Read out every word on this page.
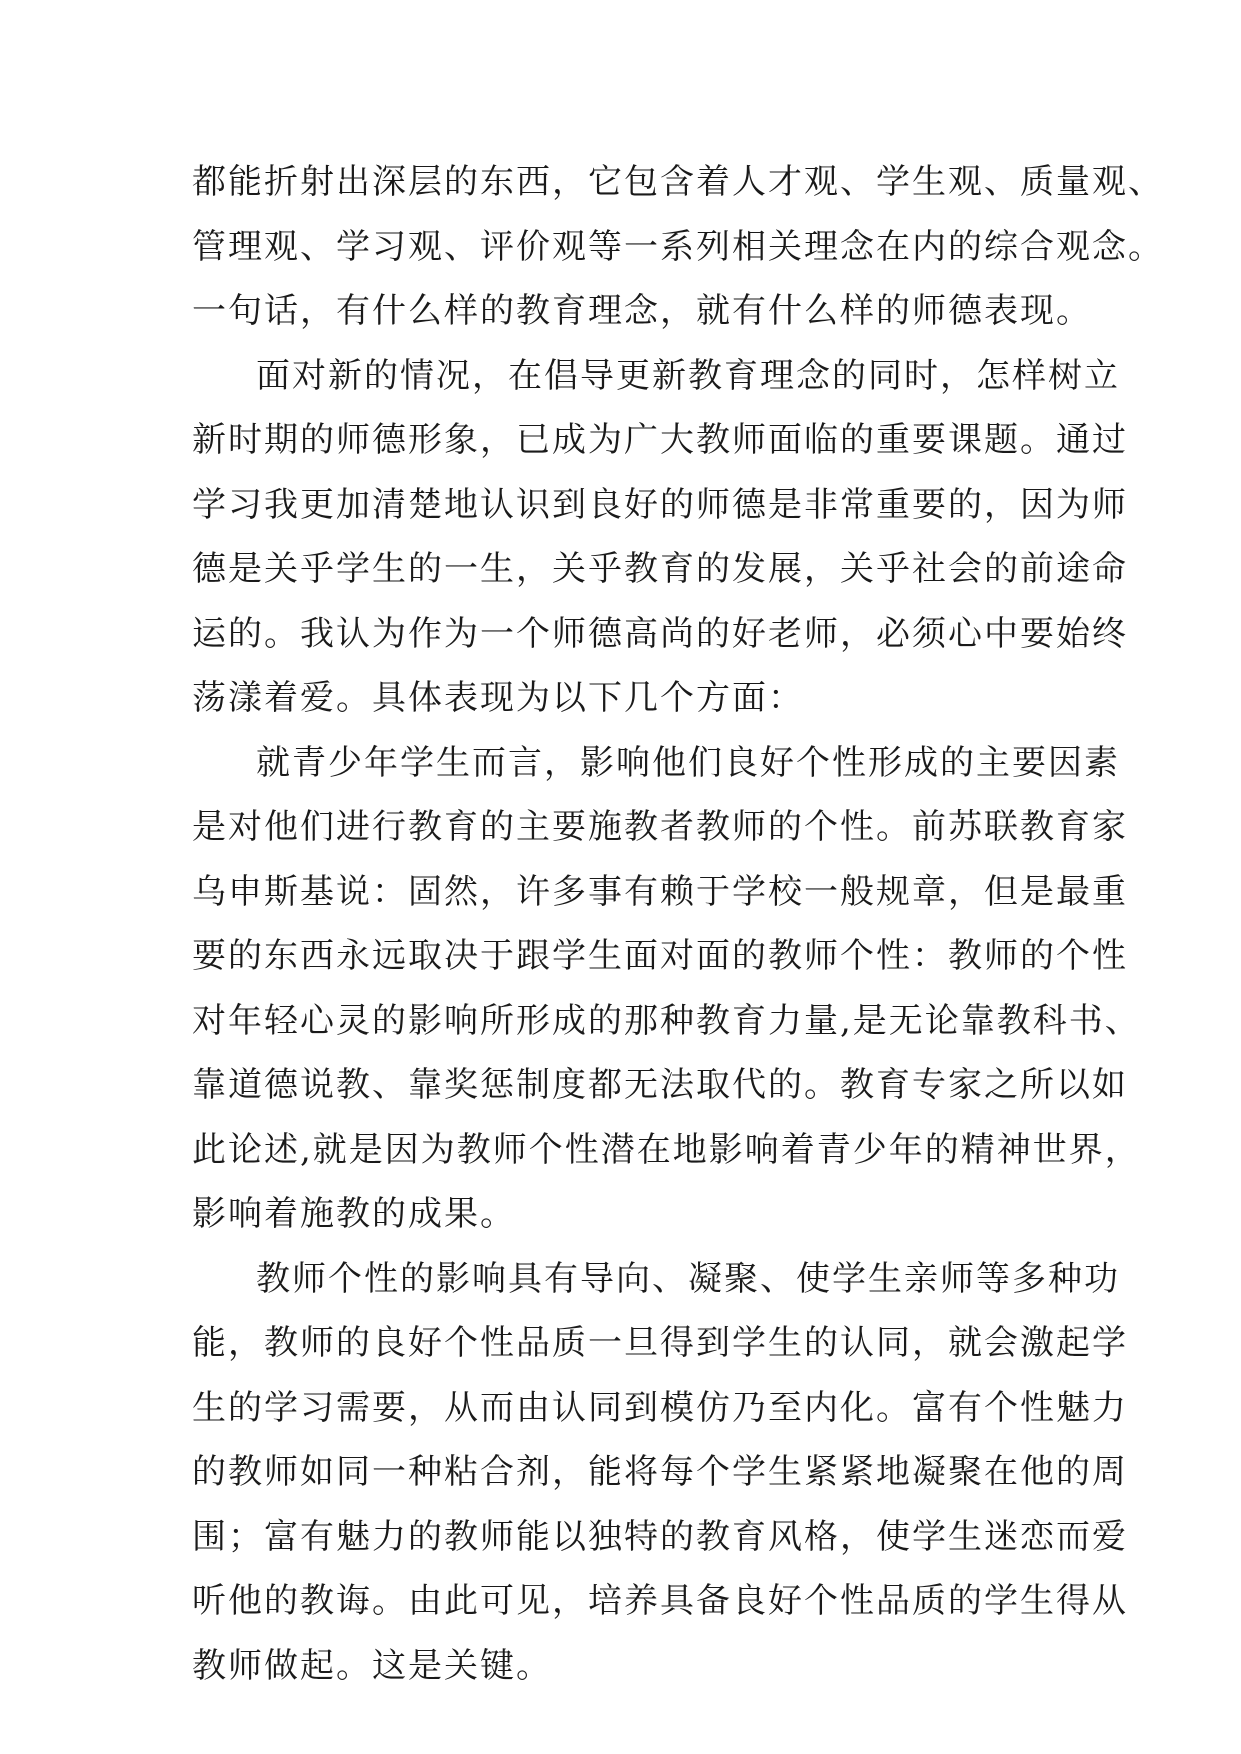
都能折射出深层的东西，它包含着人才观、学生观、质量观、
管理观、学习观、评价观等一系列相关理念在内的综合观念。
一句话，有什么样的教育理念，就有什么样的师德表现。
面对新的情况，在倡导更新教育理念的同时，怎样树立
新时期的师德形象，已成为广大教师面临的重要课题。通过
学习我更加清楚地认识到良好的师德是非常重要的，因为师
德是关乎学生的一生，关乎教育的发展，关乎社会的前途命
运的。我认为作为一个师德高尚的好老师，必须心中要始终
荡漾着爱。具体表现为以下几个方面：
就青少年学生而言，影响他们良好个性形成的主要因素
是对他们进行教育的主要施教者教师的个性。前苏联教育家
乌申斯基说：固然，许多事有赖于学校一般规章，但是最重
要的东西永远取决于跟学生面对面的教师个性：教师的个性
对年轻心灵的影响所形成的那种教育力量,是无论靠教科书、
靠道德说教、靠奖惩制度都无法取代的。教育专家之所以如
此论述,就是因为教师个性潜在地影响着青少年的精神世界，
影响着施教的成果。
教师个性的影响具有导向、凝聚、使学生亲师等多种功
能，教师的良好个性品质一旦得到学生的认同，就会激起学
生的学习需要，从而由认同到模仿乃至内化。富有个性魅力
的教师如同一种粘合剂，能将每个学生紧紧地凝聚在他的周
围；富有魅力的教师能以独特的教育风格，使学生迷恋而爱
听他的教诲。由此可见，培养具备良好个性品质的学生得从
教师做起。这是关键。
